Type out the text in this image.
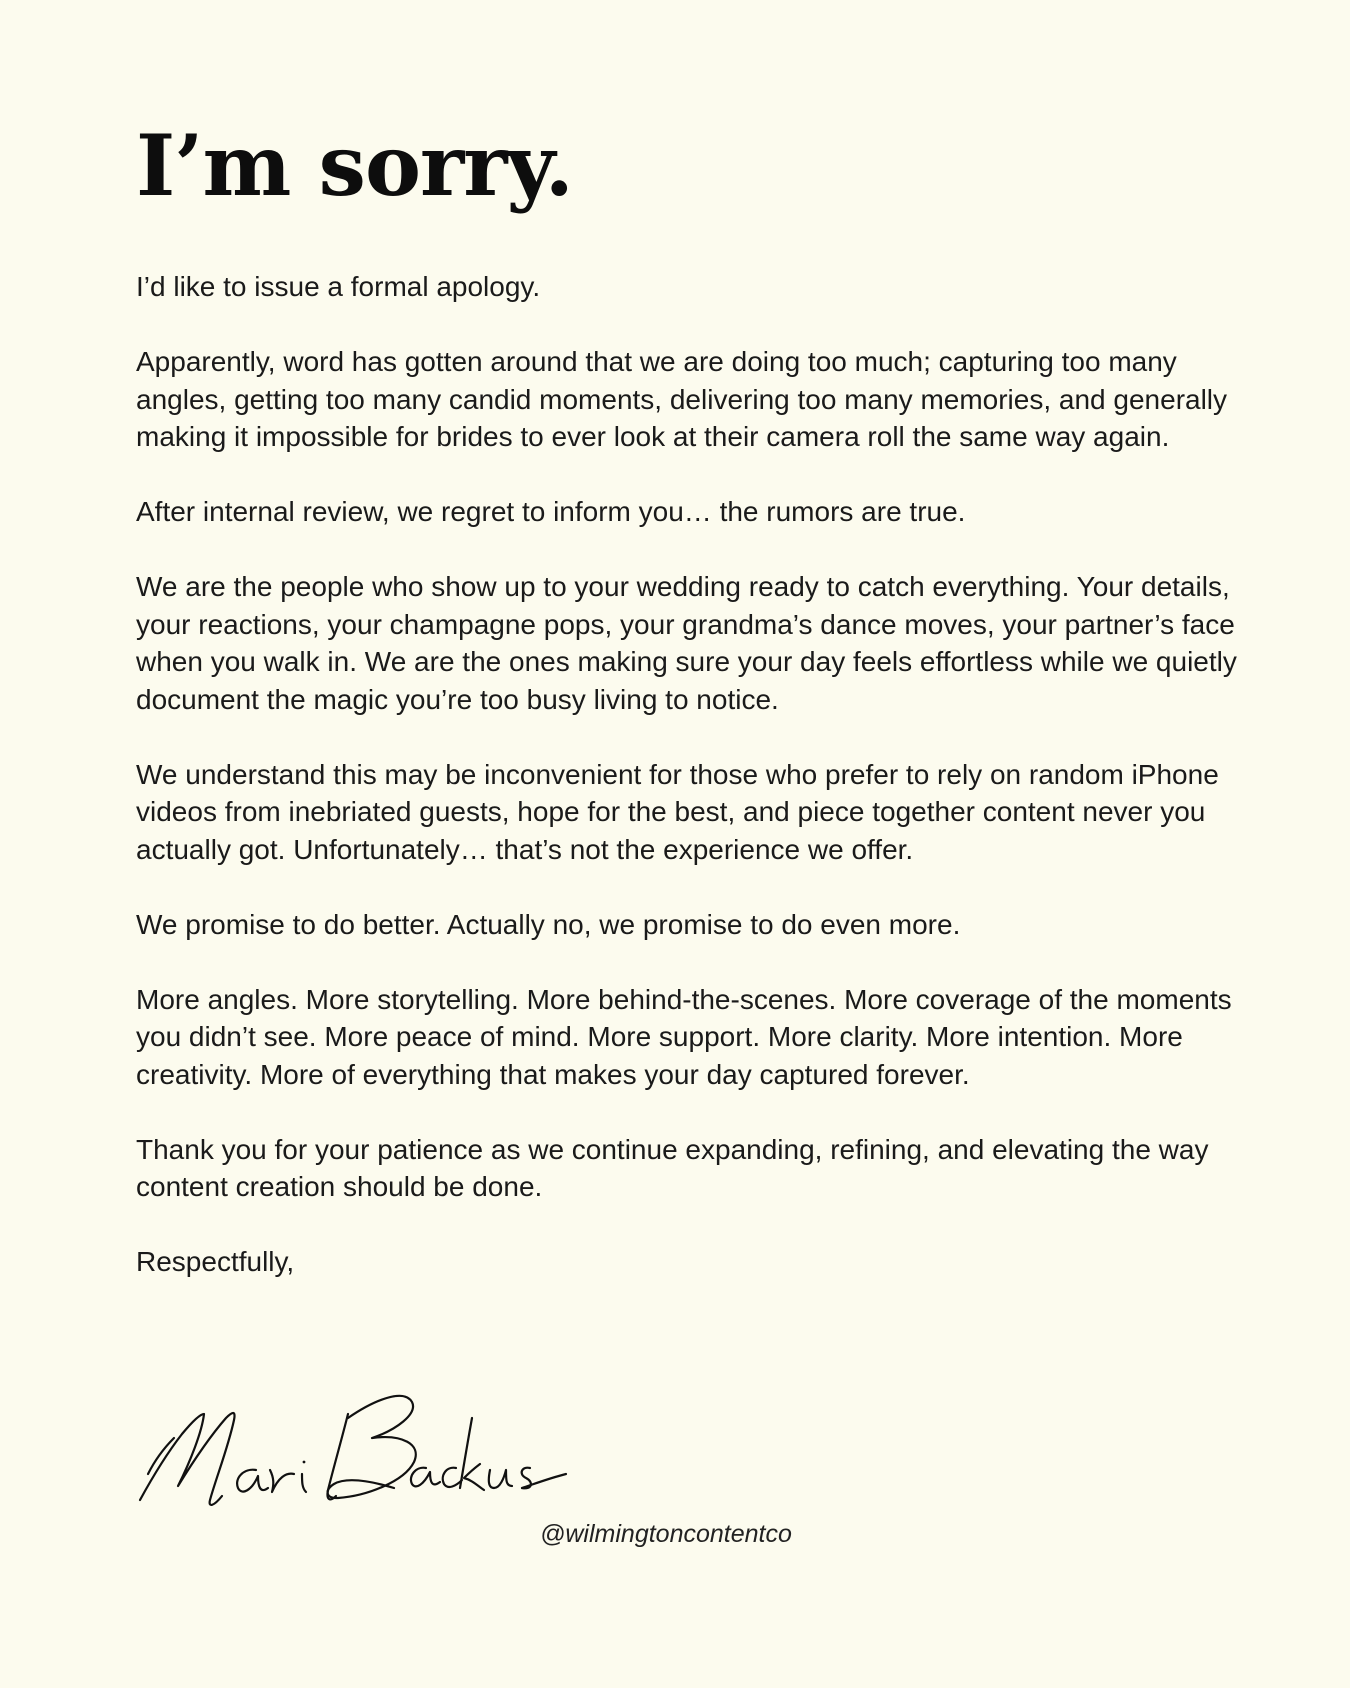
I’m sorry.

I’d like to issue a formal apology.

Apparently, word has gotten around that we are doing too much; capturing too many angles, getting too many candid moments, delivering too many memories, and generally making it impossible for brides to ever look at their camera roll the same way again.

After internal review, we regret to inform you… the rumors are true.

We are the people who show up to your wedding ready to catch everything. Your details, your reactions, your champagne pops, your grandma’s dance moves, your partner’s face when you walk in. We are the ones making sure your day feels effortless while we quietly document the magic you’re too busy living to notice.

We understand this may be inconvenient for those who prefer to rely on random iPhone videos from inebriated guests, hope for the best, and piece together content never you actually got. Unfortunately… that’s not the experience we offer.

We promise to do better. Actually no, we promise to do even more.

More angles. More storytelling. More behind-the-scenes. More coverage of the moments you didn’t see. More peace of mind. More support. More clarity. More intention. More creativity. More of everything that makes your day captured forever.

Thank you for your patience as we continue expanding, refining, and elevating the way content creation should be done.

Respectfully,

@wilmingtoncontentco
